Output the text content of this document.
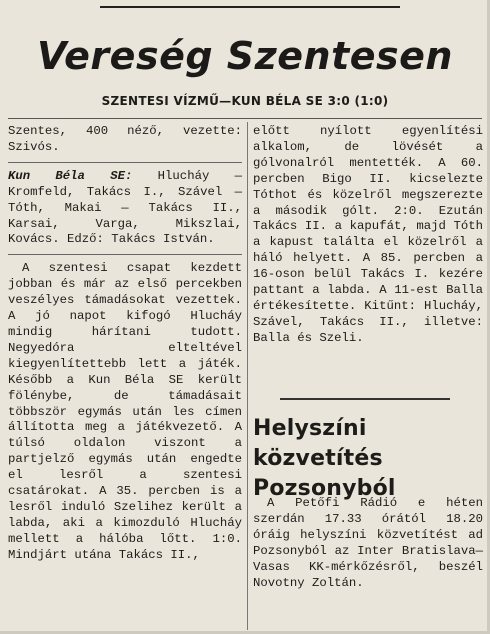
Vereség Szentesen
SZENTESI VÍZMŰ—KUN BÉLA SE 3:0 (1:0)

Szentes, 400 néző, vezette: Szivós.

Kun Béla SE: Hlucháy — Kromfeld, Takács I., Szável — Tóth, Makai — Takács II., Karsai, Varga, Mikszlai, Kovács. Edző: Takács István.

A szentesi csapat kezdett jobban és már az első percekben veszélyes támadásokat vezettek. A jó napot kifogó Hlucháy mindig hárítani tudott. Negyedóra elteltével kiegyenlítettebb lett a játék. Később a Kun Béla SE került fölénybe, de támadásait többször egymás után les címen állította meg a játékvezető. A túlsó oldalon viszont a partjelző egymás után engedte el lesről a szentesi csatárokat. A 35. percben is a lesről induló Szelihez került a labda, aki a kimozduló Hlucháy mellett a hálóba lőtt. 1:0. Mindjárt utána Takács II.,

előtt nyílott egyenlítési alkalom, de lövését a gólvonalról mentették. A 60. percben Bigo II. kicselezte Tóthot és közelről megszerezte a második gólt. 2:0. Ezután Takács II. a kapufát, majd Tóth a kapust találta el közelről a háló helyett. A 85. percben a 16-oson belül Takács I. kezére pattant a labda. A 11-est Balla értékesítette. Kitűnt: Hlucháy, Szável, Takács II., illetve: Balla és Szeli.

Helyszíni közvetítés Pozsonyból

A Petőfi Rádió e héten szerdán 17.33 órától 18.20 óráig helyszíni közvetítést ad Pozsonyból az Inter Bratislava—Vasas KK-mérkőzésről, beszél Novotny Zoltán.
